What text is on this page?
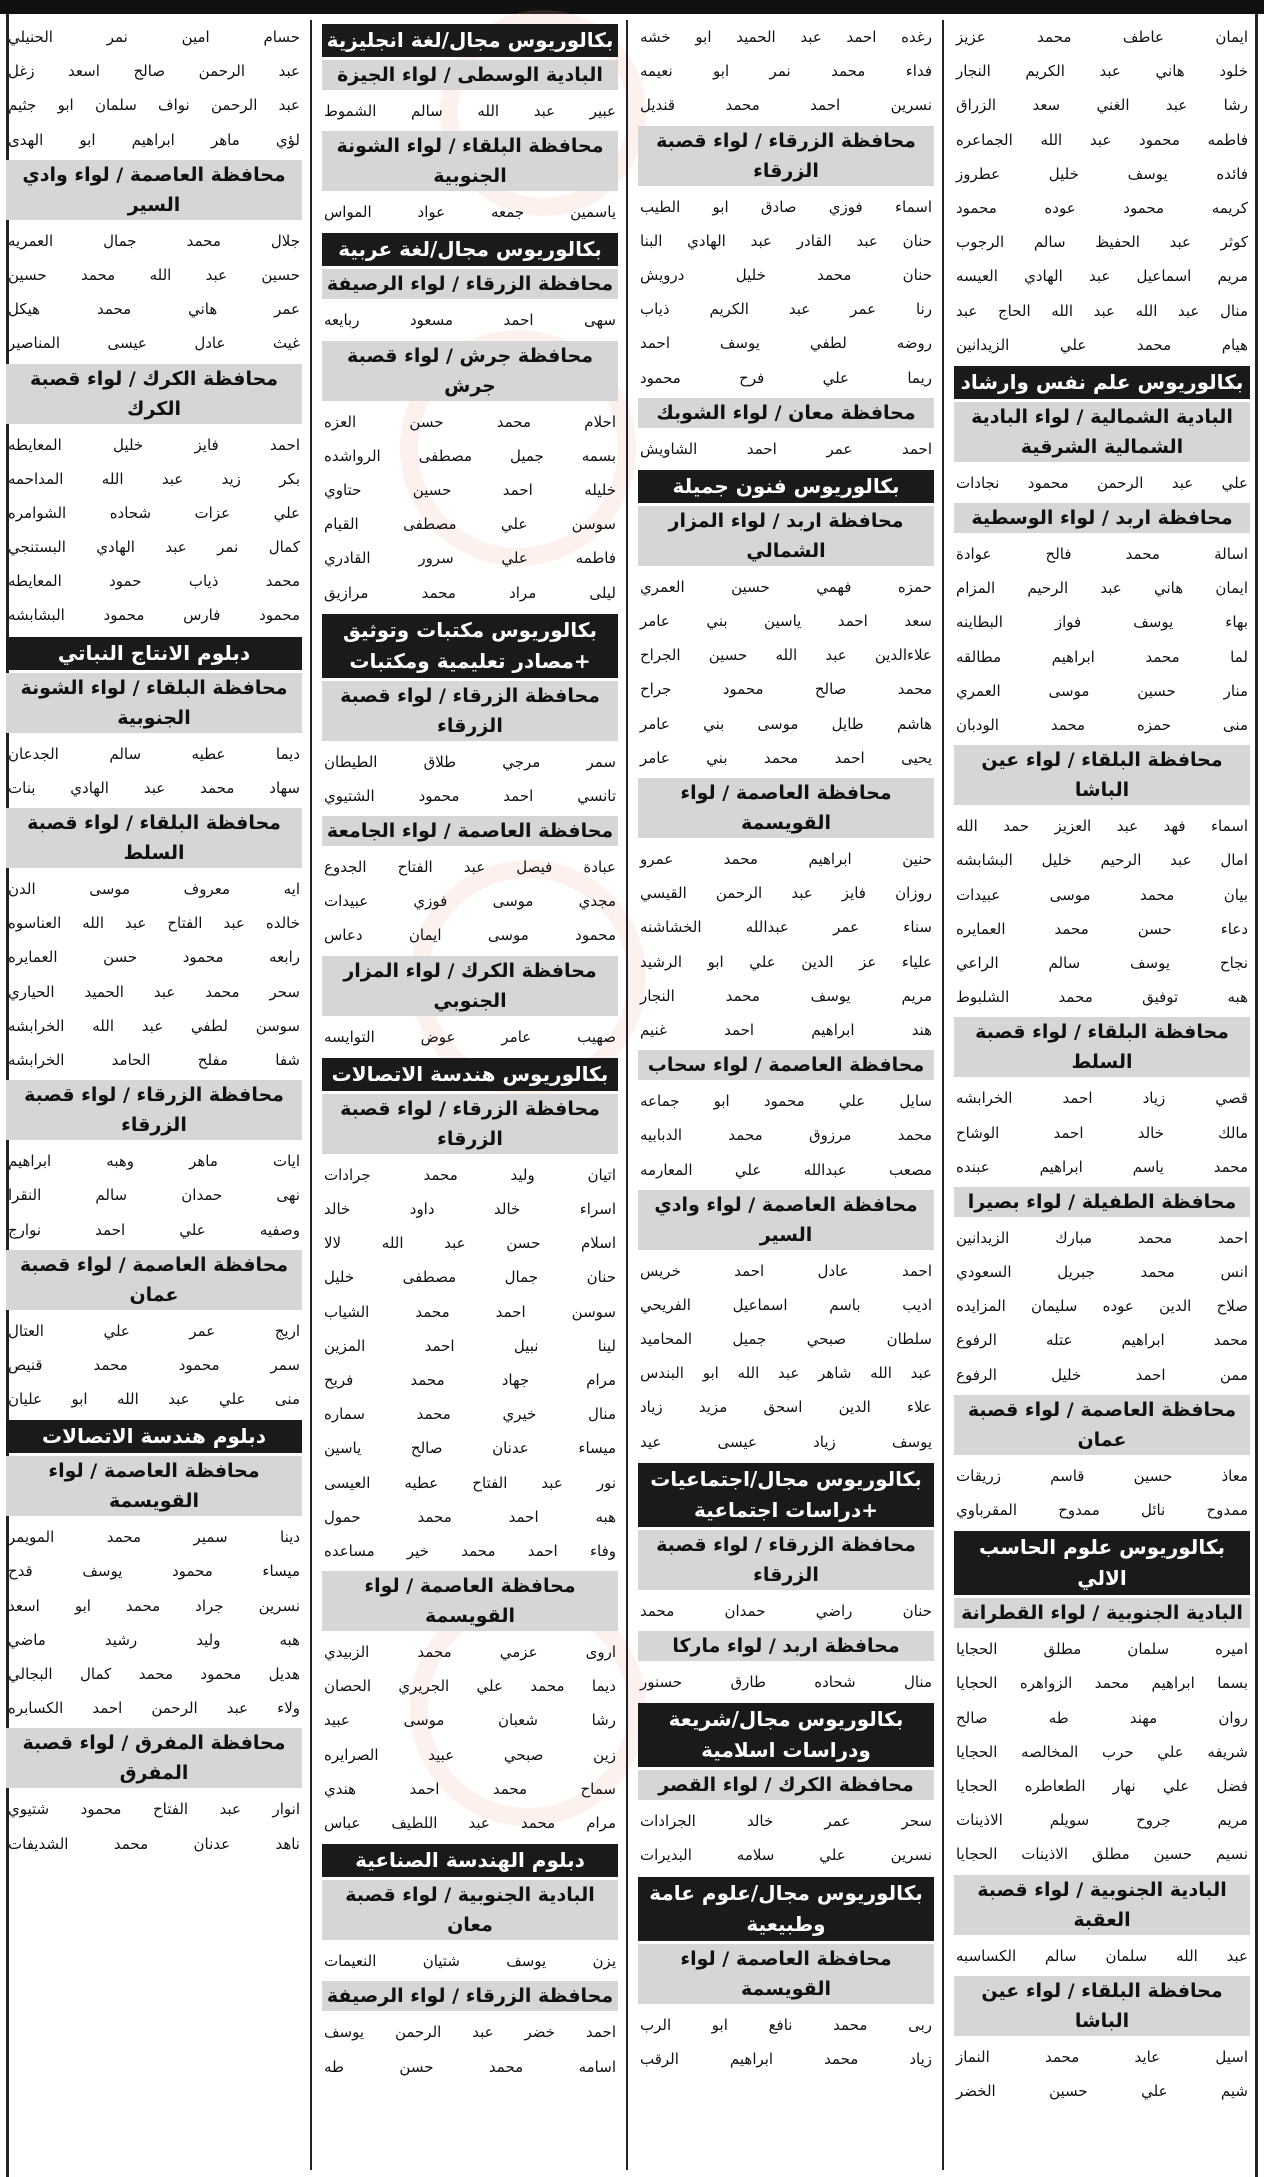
ايمان عاطف محمد عزيز
خلود هاني عبد الكريم النجار
رشا عبد الغني سعد الزراق
فاطمه محمود عبد الله الجماعره
فائده يوسف خليل عطروز
كريمه محمود عوده محمود
كوثر عبد الحفيظ سالم الرجوب
مريم اسماعيل عبد الهادي العيسه
منال عبد الله عبد الله الحاج عبد
هيام محمد علي الزيدانين
بكالوريوس علم نفس وارشاد
البادية الشمالية / لواء البادية الشمالية الشرقية
علي عبد الرحمن محمود نجادات
محافظة اربد / لواء الوسطية
اسالة محمد فالح عوادة
ايمان هاني عبد الرحيم المزام
بهاء يوسف فواز البطاينه
لما محمد ابراهيم مطالقه
منار حسين موسى العمري
منى حمزه محمد الودبان
محافظة البلقاء / لواء عين الباشا
اسماء فهد عبد العزيز حمد الله
امال عبد الرحيم خليل البشابشه
بيان محمد موسى عبيدات
دعاء حسن محمد العمايره
نجاح يوسف سالم الراعي
هبه توفيق محمد الشلبوط
محافظة البلقاء / لواء قصبة السلط
قصي زياد احمد الخرابشه
مالك خالد احمد الوشاح
محمد ياسم ابراهيم عبنده
محافظة الطفيلة / لواء بصيرا
احمد محمد مبارك الزيدانين
انس محمد جبريل السعودي
صلاح الدين عوده سليمان المزايده
محمد ابراهيم عتله الرفوع
ممن احمد خليل الرفوع
محافظة العاصمة / لواء قصبة عمان
معاذ حسين قاسم زريقات
ممدوح نائل ممدوح المقرباوي
بكالوريوس علوم الحاسب الالي
البادية الجنوبية / لواء القطرانة
اميره سلمان مطلق الحجايا
بسما ابراهيم محمد الزواهره الحجايا
روان مهند طه صالح
شريفه علي حرب المخالصه الحجايا
فضل علي نهار الطعاطره الحجايا
مريم جروح سويلم الاذينات
نسيم حسين مطلق الاذينات الحجايا
البادية الجنوبية / لواء قصبة العقبة
عبد الله سلمان سالم الكساسبه
محافظة البلقاء / لواء عين الباشا
اسيل عايد محمد النماز
شيم علي حسين الخضر
رغده احمد عبد الحميد ابو خشه
فداء محمد نمر ابو نعيمه
نسرين احمد محمد قنديل
محافظة الزرقاء / لواء قصبة الزرقاء
اسماء فوزي صادق ابو الطيب
حنان عبد القادر عبد الهادي البنا
حنان محمد خليل درويش
رنا عمر عبد الكريم ذياب
روضه لطفي يوسف احمد
ريما علي فرح محمود
محافظة معان / لواء الشوبك
احمد عمر احمد الشاويش
بكالوريوس فنون جميلة
محافظة اربد / لواء المزار الشمالي
حمزه فهمي حسين العمري
سعد احمد ياسين بني عامر
علاءالدين عبد الله حسين الجراح
محمد صالح محمود جراح
هاشم طايل موسى بني عامر
يحيى احمد محمد بني عامر
محافظة العاصمة / لواء القويسمة
حنين ابراهيم محمد عمرو
روزان فايز عبد الرحمن القيسي
سناء عمر عبدالله الخشاشنه
علياء عز الدين علي ابو الرشيد
مريم يوسف محمد النجار
هند ابراهيم احمد غنيم
محافظة العاصمة / لواء سحاب
سايل علي محمود ابو جماعه
محمد مرزوق محمد الدبابيه
مصعب عبدالله علي المعارمه
محافظة العاصمة / لواء وادي السير
احمد عادل احمد خريس
اديب باسم اسماعيل الفريحي
سلطان صبحي جميل المحاميد
عبد الله شاهر عبد الله ابو البندس
علاء الدين اسحق مزيد زياد
يوسف زياد عيسى عيد
بكالوريوس مجال/اجتماعيات +دراسات اجتماعية
محافظة الزرقاء / لواء قصبة الزرقاء
حنان راضي حمدان محمد
محافظة اربد / لواء ماركا
منال شحاده طارق حسنور
بكالوريوس مجال/شريعة ودراسات اسلامية
محافظة الكرك / لواء القصر
سحر عمر خالد الجرادات
نسرين علي سلامه البديرات
بكالوريوس مجال/علوم عامة وطبيعية
محافظة العاصمة / لواء القويسمة
ربى محمد نافع ابو الرب
زياد محمد ابراهيم الرقب
بكالوريوس مجال/لغة انجليزية
البادية الوسطى / لواء الجيزة
عبير عبد الله سالم الشموط
محافظة البلقاء / لواء الشونة الجنوبية
ياسمين جمعه عواد المواس
بكالوريوس مجال/لغة عربية
محافظة الزرقاء / لواء الرصيفة
سهى احمد مسعود ربايعه
محافظة جرش / لواء قصبة جرش
احلام محمد حسن العزه
بسمه جميل مصطفى الرواشده
خليله احمد حسين حتاوي
سوسن علي مصطفى القيام
فاطمه علي سرور القادري
ليلى مراد محمد مرازيق
بكالوريوس مكتبات وتوثيق +مصادر تعليمية ومكتبات
محافظة الزرقاء / لواء قصبة الزرقاء
سمر مرجي طلاق الطيطان
تانسي احمد محمود الشتيوي
محافظة العاصمة / لواء الجامعة
عبادة فيصل عبد الفتاح الجدوع
مجدي موسى فوزي عبيدات
محمود موسى ايمان دعاس
محافظة الكرك / لواء المزار الجنوبي
صهيب عامر عوض التوايسه
بكالوريوس هندسة الاتصالات
محافظة الزرقاء / لواء قصبة الزرقاء
اتيان وليد محمد جرادات
اسراء خالد داود خالد
اسلام حسن عبد الله لالا
حنان جمال مصطفى خليل
سوسن احمد محمد الشياب
لينا نبيل احمد المزين
مرام جهاد محمد فريح
منال خيري محمد سماره
ميساء عدنان صالح ياسين
نور عبد الفتاح عطيه العيسى
هبه احمد محمد حمول
وفاء احمد محمد خير مساعده
محافظة العاصمة / لواء القويسمة
اروى عزمي محمد الزبيدي
ديما محمد علي الجريري الحصان
رشا شعبان موسى عبيد
زين صبحي عبيد الصرايره
سماح محمد احمد هندي
مرام محمد عبد اللطيف عباس
دبلوم الهندسة الصناعية
البادية الجنوبية / لواء قصبة معان
يزن يوسف شتيان النعيمات
محافظة الزرقاء / لواء الرصيفة
احمد خضر عبد الرحمن يوسف
اسامه محمد حسن طه
حسام امين نمر الحنيلي
عبد الرحمن صالح اسعد زغل
عبد الرحمن نواف سلمان ابو جثيم
لؤي ماهر ابراهيم ابو الهدى
محافظة العاصمة / لواء وادي السير
جلال محمد جمال العمريه
حسين عبد الله محمد حسين
عمر هاني محمد هيكل
غيث عادل عيسى المناصير
محافظة الكرك / لواء قصبة الكرك
احمد فايز خليل المعايطه
بكر زيد عبد الله المداحمه
علي عزات شحاده الشوامره
كمال نمر عبد الهادي البستنجي
محمد ذياب حمود المعايطه
محمود فارس محمود البشابشه
دبلوم الانتاج النباتي
محافظة البلقاء / لواء الشونة الجنوبية
ديما عطيه سالم الجدعان
سهاد محمد عبد الهادي بنات
محافظة البلقاء / لواء قصبة السلط
ايه معروف موسى الدن
خالده عبد الفتاح عبد الله العناسوه
رابعه محمود حسن العمايره
سحر محمد عبد الحميد الحياري
سوسن لطفي عبد الله الخرابشه
شفا مفلح الحامد الخرابشه
محافظة الزرقاء / لواء قصبة الزرقاء
ايات ماهر وهبه ابراهيم
نهى حمدان سالم النقرا
وصفيه علي احمد نوارج
محافظة العاصمة / لواء قصبة عمان
اريج عمر علي العتال
سمر محمود محمد قنيص
منى علي عبد الله ابو عليان
دبلوم هندسة الاتصالات
محافظة العاصمة / لواء القويسمة
دينا سمير محمد المويمر
ميساء محمود يوسف قدح
نسرين جراد محمد ابو اسعد
هبه وليد رشيد ماضي
هديل محمود محمد كمال البجالي
ولاء عبد الرحمن احمد الكسابره
محافظة المفرق / لواء قصبة المفرق
انوار عبد الفتاح محمود شتيوي
ناهد عدنان محمد الشديفات
